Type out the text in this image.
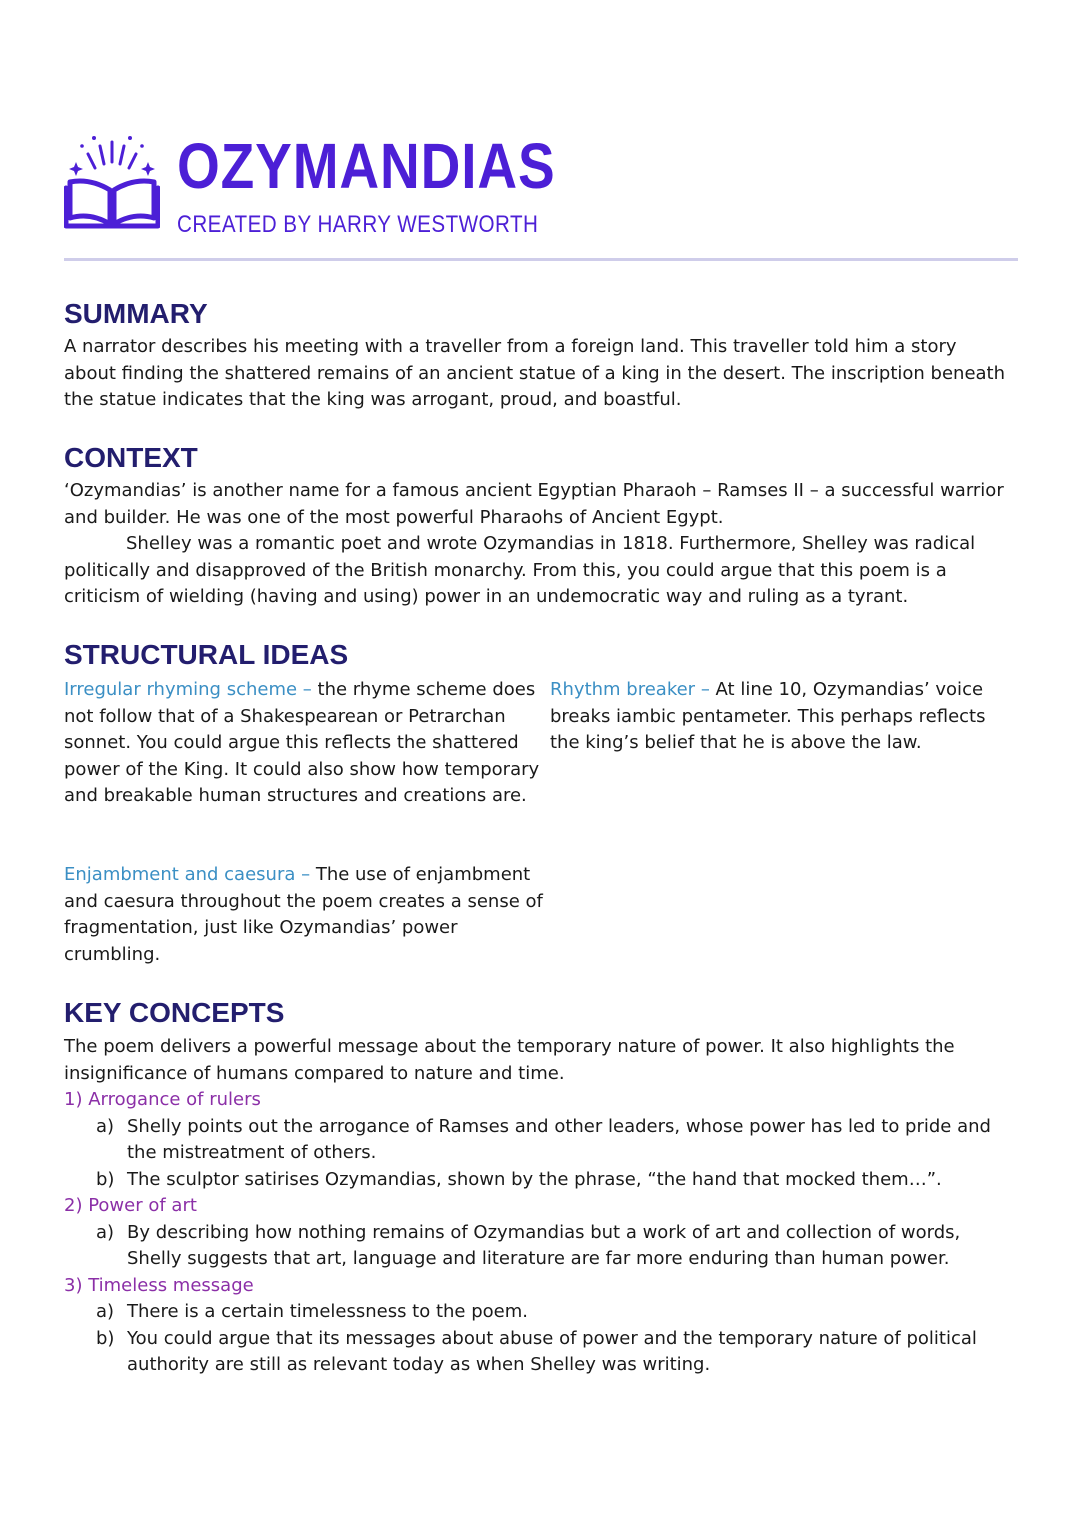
OZYMANDIAS
CREATED BY HARRY WESTWORTH
SUMMARY

A narrator describes his meeting with a traveller from a foreign land. This traveller told him a story about finding the shattered remains of an ancient statue of a king in the desert. The inscription beneath the statue indicates that the king was arrogant, proud, and boastful.

CONTEXT

‘Ozymandias’ is another name for a famous ancient Egyptian Pharaoh – Ramses II – a successful warrior and builder. He was one of the most powerful Pharaohs of Ancient Egypt.

Shelley was a romantic poet and wrote Ozymandias in 1818. Furthermore, Shelley was radical politically and disapproved of the British monarchy. From this, you could argue that this poem is a criticism of wielding (having and using) power in an undemocratic way and ruling as a tyrant.

STRUCTURAL IDEAS

Irregular rhyming scheme – the rhyme scheme does not follow that of a Shakespearean or Petrarchan sonnet. You could argue this reflects the shattered power of the King. It could also show how temporary and breakable human structures and creations are.

Rhythm breaker – At line 10, Ozymandias’ voice breaks iambic pentameter. This perhaps reflects the king’s belief that he is above the law.

Enjambment and caesura – The use of enjambment and caesura throughout the poem creates a sense of fragmentation, just like Ozymandias’ power crumbling.

KEY CONCEPTS

The poem delivers a powerful message about the temporary nature of power. It also highlights the insignificance of humans compared to nature and time.

1) Arrogance of rulers
a) Shelly points out the arrogance of Ramses and other leaders, whose power has led to pride and the mistreatment of others.
b) The sculptor satirises Ozymandias, shown by the phrase, “the hand that mocked them…”.
2) Power of art
a) By describing how nothing remains of Ozymandias but a work of art and collection of words, Shelly suggests that art, language and literature are far more enduring than human power.
3) Timeless message
a) There is a certain timelessness to the poem.
b) You could argue that its messages about abuse of power and the temporary nature of political authority are still as relevant today as when Shelley was writing.
